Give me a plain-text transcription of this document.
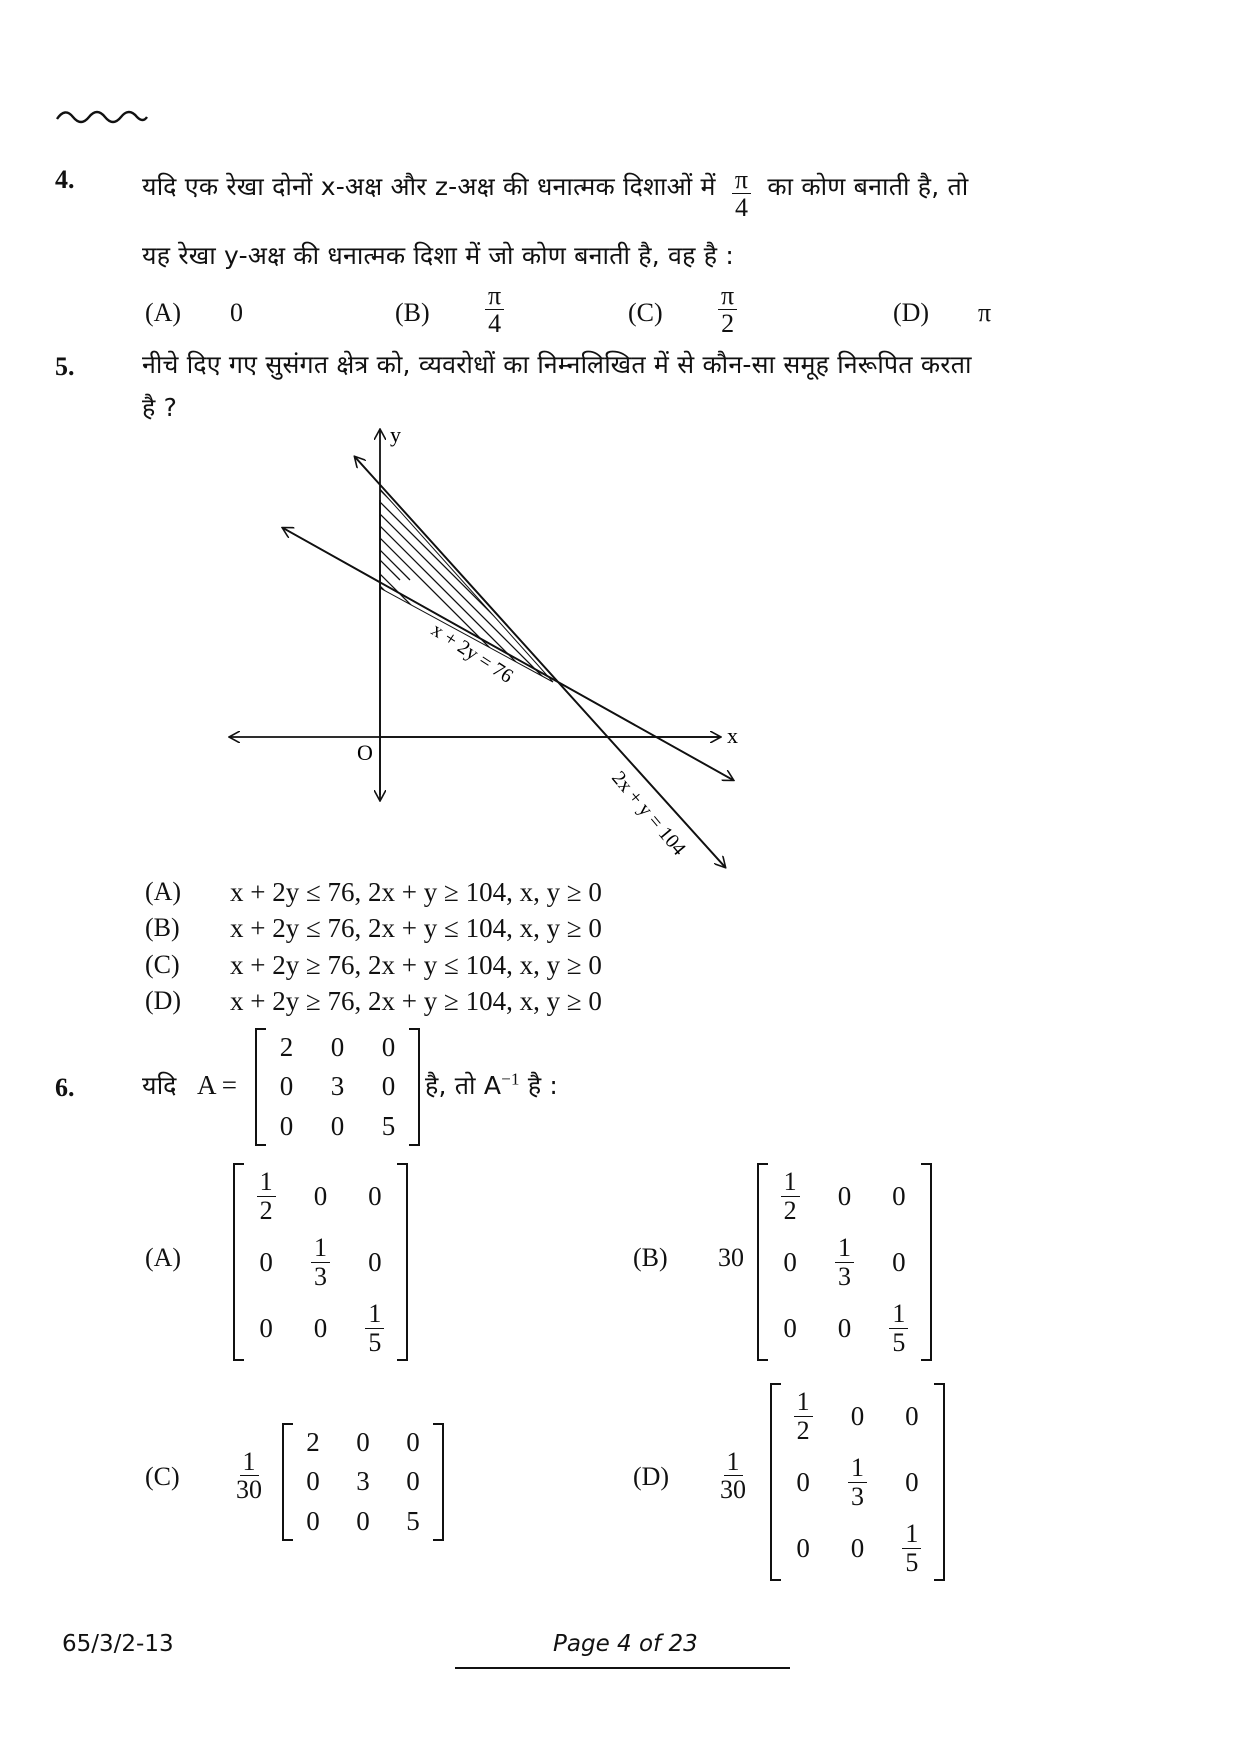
4.	यदि एक रेखा दोनों x-अक्ष और z-अक्ष की धनात्मक दिशाओं में $\frac{\pi}{4}$ का कोण बनाती है, तो
यह रेखा y-अक्ष की धनात्मक दिशा में जो कोण बनाती है, वह है :
(A) 0	$(B) \frac{\pi}{4}$	$(C) \frac{\pi}{2}$	(D) π
5.	नीचे दिए गए सुसंगत क्षेत्र को, व्यवरोधों का निम्नलिखित में से कौन-सा समूह निरूपित करता
है ?
y
x
O
x + 2y = 76
2x + y = 104
(A) x + 2y ≤ 76, 2x + y ≥ 104, x, y ≥ 0
(B) x + 2y ≤ 76, 2x + y ≤ 104, x, y ≥ 0
(C) x + 2y ≥ 76, 2x + y ≤ 104, x, y ≥ 0
(D) x + 2y ≥ 76, 2x + y ≥ 104, x, y ≥ 0
6.	यदि A =
2 0 0
0 3 0
0 0 5
है, तो $A^{-1}$ है :
(A)
$\frac{1}{2} 0$ 0
$0 \frac{1}{3} 0$
0 $0 \frac{1}{5}$
(B) 30
$\frac{1}{2} 0$ 0
$0 \frac{1}{3} 0$
0 $0 \frac{1}{5}$
$(C) \frac{1}{30}$
2 0 0
0 3 0
0 0 5
$(D) \frac{1}{30}$
$\frac{1}{2} 0$ 0
$0 \frac{1}{3} 0$
0 $0 \frac{1}{5}$
65/3/2-13	Page 4 of 23
